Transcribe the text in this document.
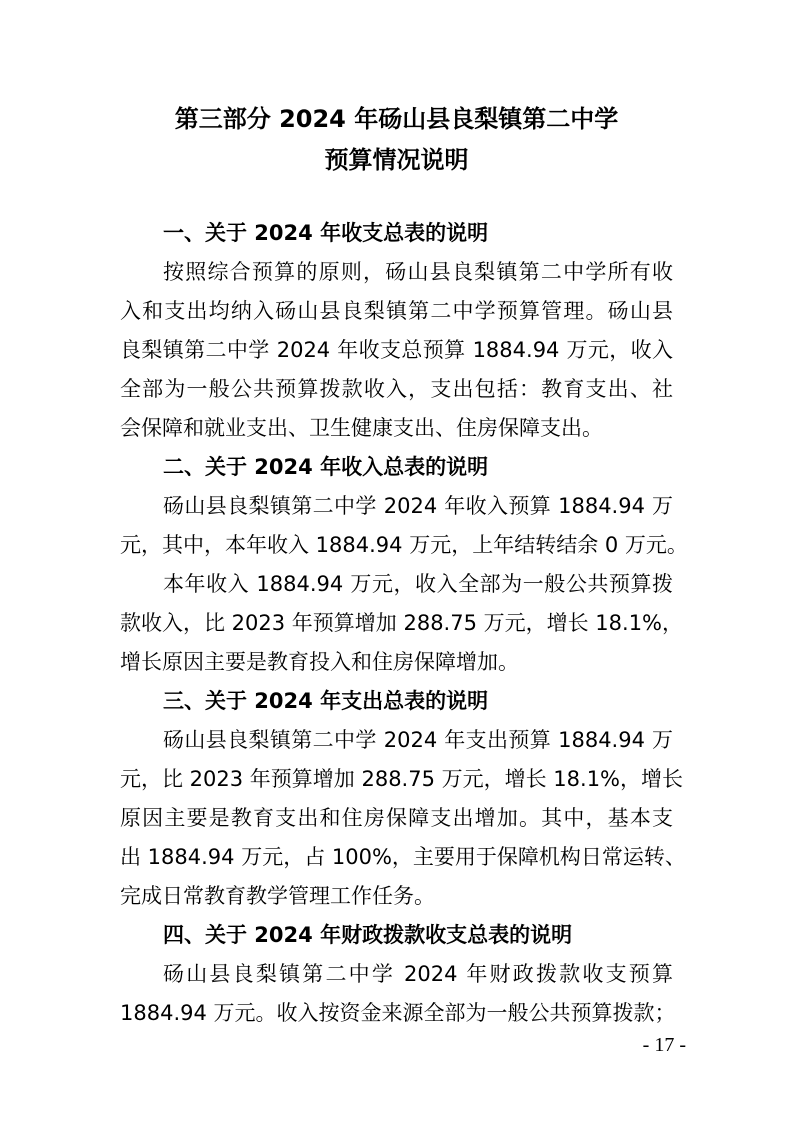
第三部分 2024 年砀山县良梨镇第二中学
预算情况说明
一、关于 2024 年收支总表的说明
按照综合预算的原则，砀山县良梨镇第二中学所有收
入和支出均纳入砀山县良梨镇第二中学预算管理。砀山县
良梨镇第二中学 2024 年收支总预算 1884.94 万元，收入
全部为一般公共预算拨款收入，支出包括：教育支出、社
会保障和就业支出、卫生健康支出、住房保障支出。
二、关于 2024 年收入总表的说明
砀山县良梨镇第二中学 2024 年收入预算 1884.94 万
元，其中，本年收入 1884.94 万元，上年结转结余 0 万元。
本年收入 1884.94 万元，收入全部为一般公共预算拨
款收入，比 2023 年预算增加 288.75 万元，增长 18.1%，
增长原因主要是教育投入和住房保障增加。
三、关于 2024 年支出总表的说明
砀山县良梨镇第二中学 2024 年支出预算 1884.94 万
元，比 2023 年预算增加 288.75 万元，增长 18.1%，增长
原因主要是教育支出和住房保障支出增加。其中，基本支
出 1884.94 万元，占 100%，主要用于保障机构日常运转、
完成日常教育教学管理工作任务。
四、关于 2024 年财政拨款收支总表的说明
砀山县良梨镇第二中学 2024 年财政拨款收支预算
1884.94 万元。收入按资金来源全部为一般公共预算拨款；
- 17 -
